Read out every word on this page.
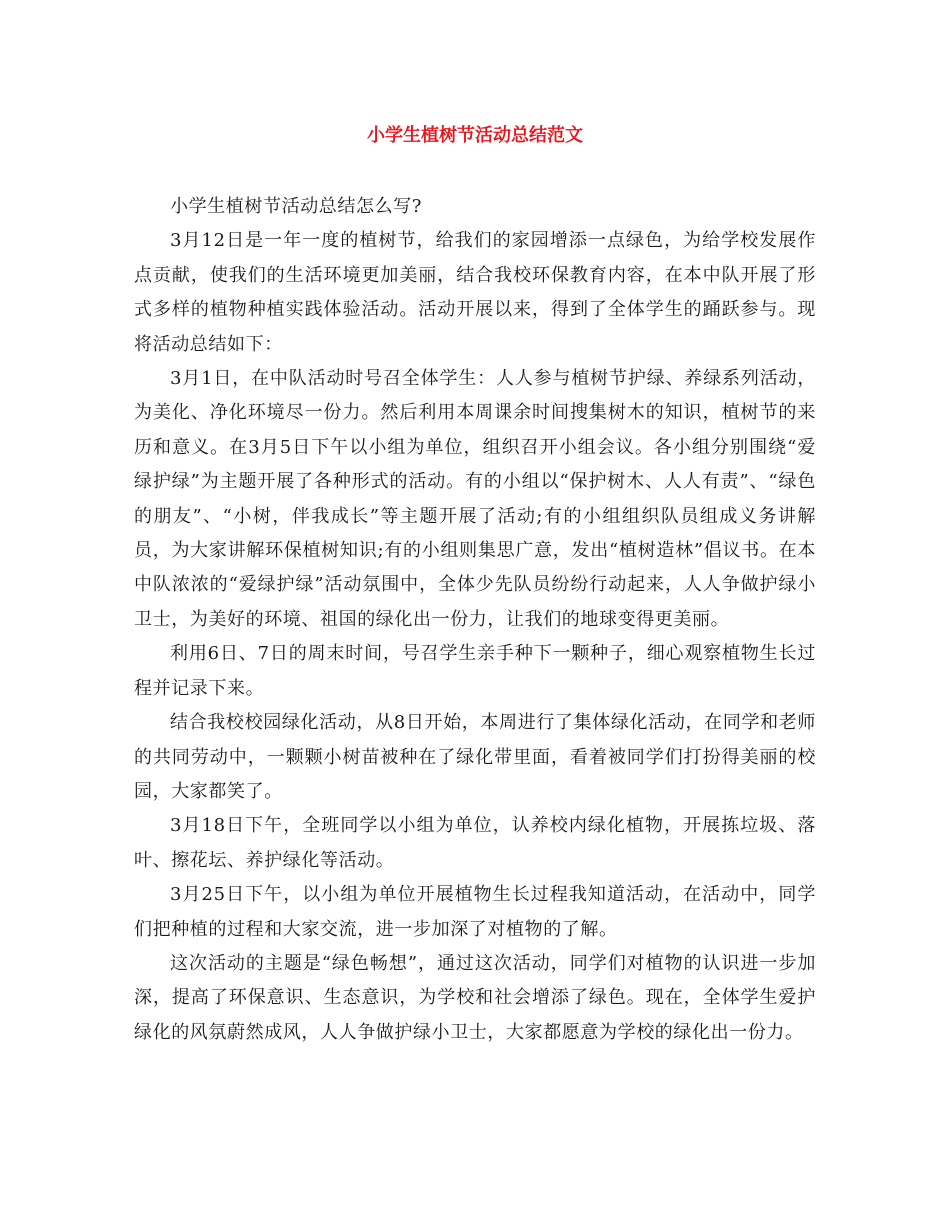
小学生植树节活动总结范文

小学生植树节活动总结怎么写?

3月12日是一年一度的植树节，给我们的家园增添一点绿色，为给学校发展作点贡献，使我们的生活环境更加美丽，结合我校环保教育内容，在本中队开展了形式多样的植物种植实践体验活动。活动开展以来，得到了全体学生的踊跃参与。现将活动总结如下：

3月1日，在中队活动时号召全体学生：人人参与植树节护绿、养绿系列活动，为美化、净化环境尽一份力。然后利用本周课余时间搜集树木的知识，植树节的来历和意义。在3月5日下午以小组为单位，组织召开小组会议。各小组分别围绕“爱绿护绿”为主题开展了各种形式的活动。有的小组以“保护树木、人人有责”、“绿色的朋友”、“小树，伴我成长”等主题开展了活动;有的小组组织队员组成义务讲解员，为大家讲解环保植树知识;有的小组则集思广意，发出“植树造林”倡议书。在本中队浓浓的“爱绿护绿”活动氛围中，全体少先队员纷纷行动起来，人人争做护绿小卫士，为美好的环境、祖国的绿化出一份力，让我们的地球变得更美丽。

利用6日、7日的周末时间，号召学生亲手种下一颗种子，细心观察植物生长过程并记录下来。

结合我校校园绿化活动，从8日开始，本周进行了集体绿化活动，在同学和老师的共同劳动中，一颗颗小树苗被种在了绿化带里面，看着被同学们打扮得美丽的校园，大家都笑了。

3月18日下午，全班同学以小组为单位，认养校内绿化植物，开展拣垃圾、落叶、擦花坛、养护绿化等活动。

3月25日下午，以小组为单位开展植物生长过程我知道活动，在活动中，同学们把种植的过程和大家交流，进一步加深了对植物的了解。

这次活动的主题是“绿色畅想”，通过这次活动，同学们对植物的认识进一步加深，提高了环保意识、生态意识，为学校和社会增添了绿色。现在，全体学生爱护绿化的风氛蔚然成风，人人争做护绿小卫士，大家都愿意为学校的绿化出一份力。
